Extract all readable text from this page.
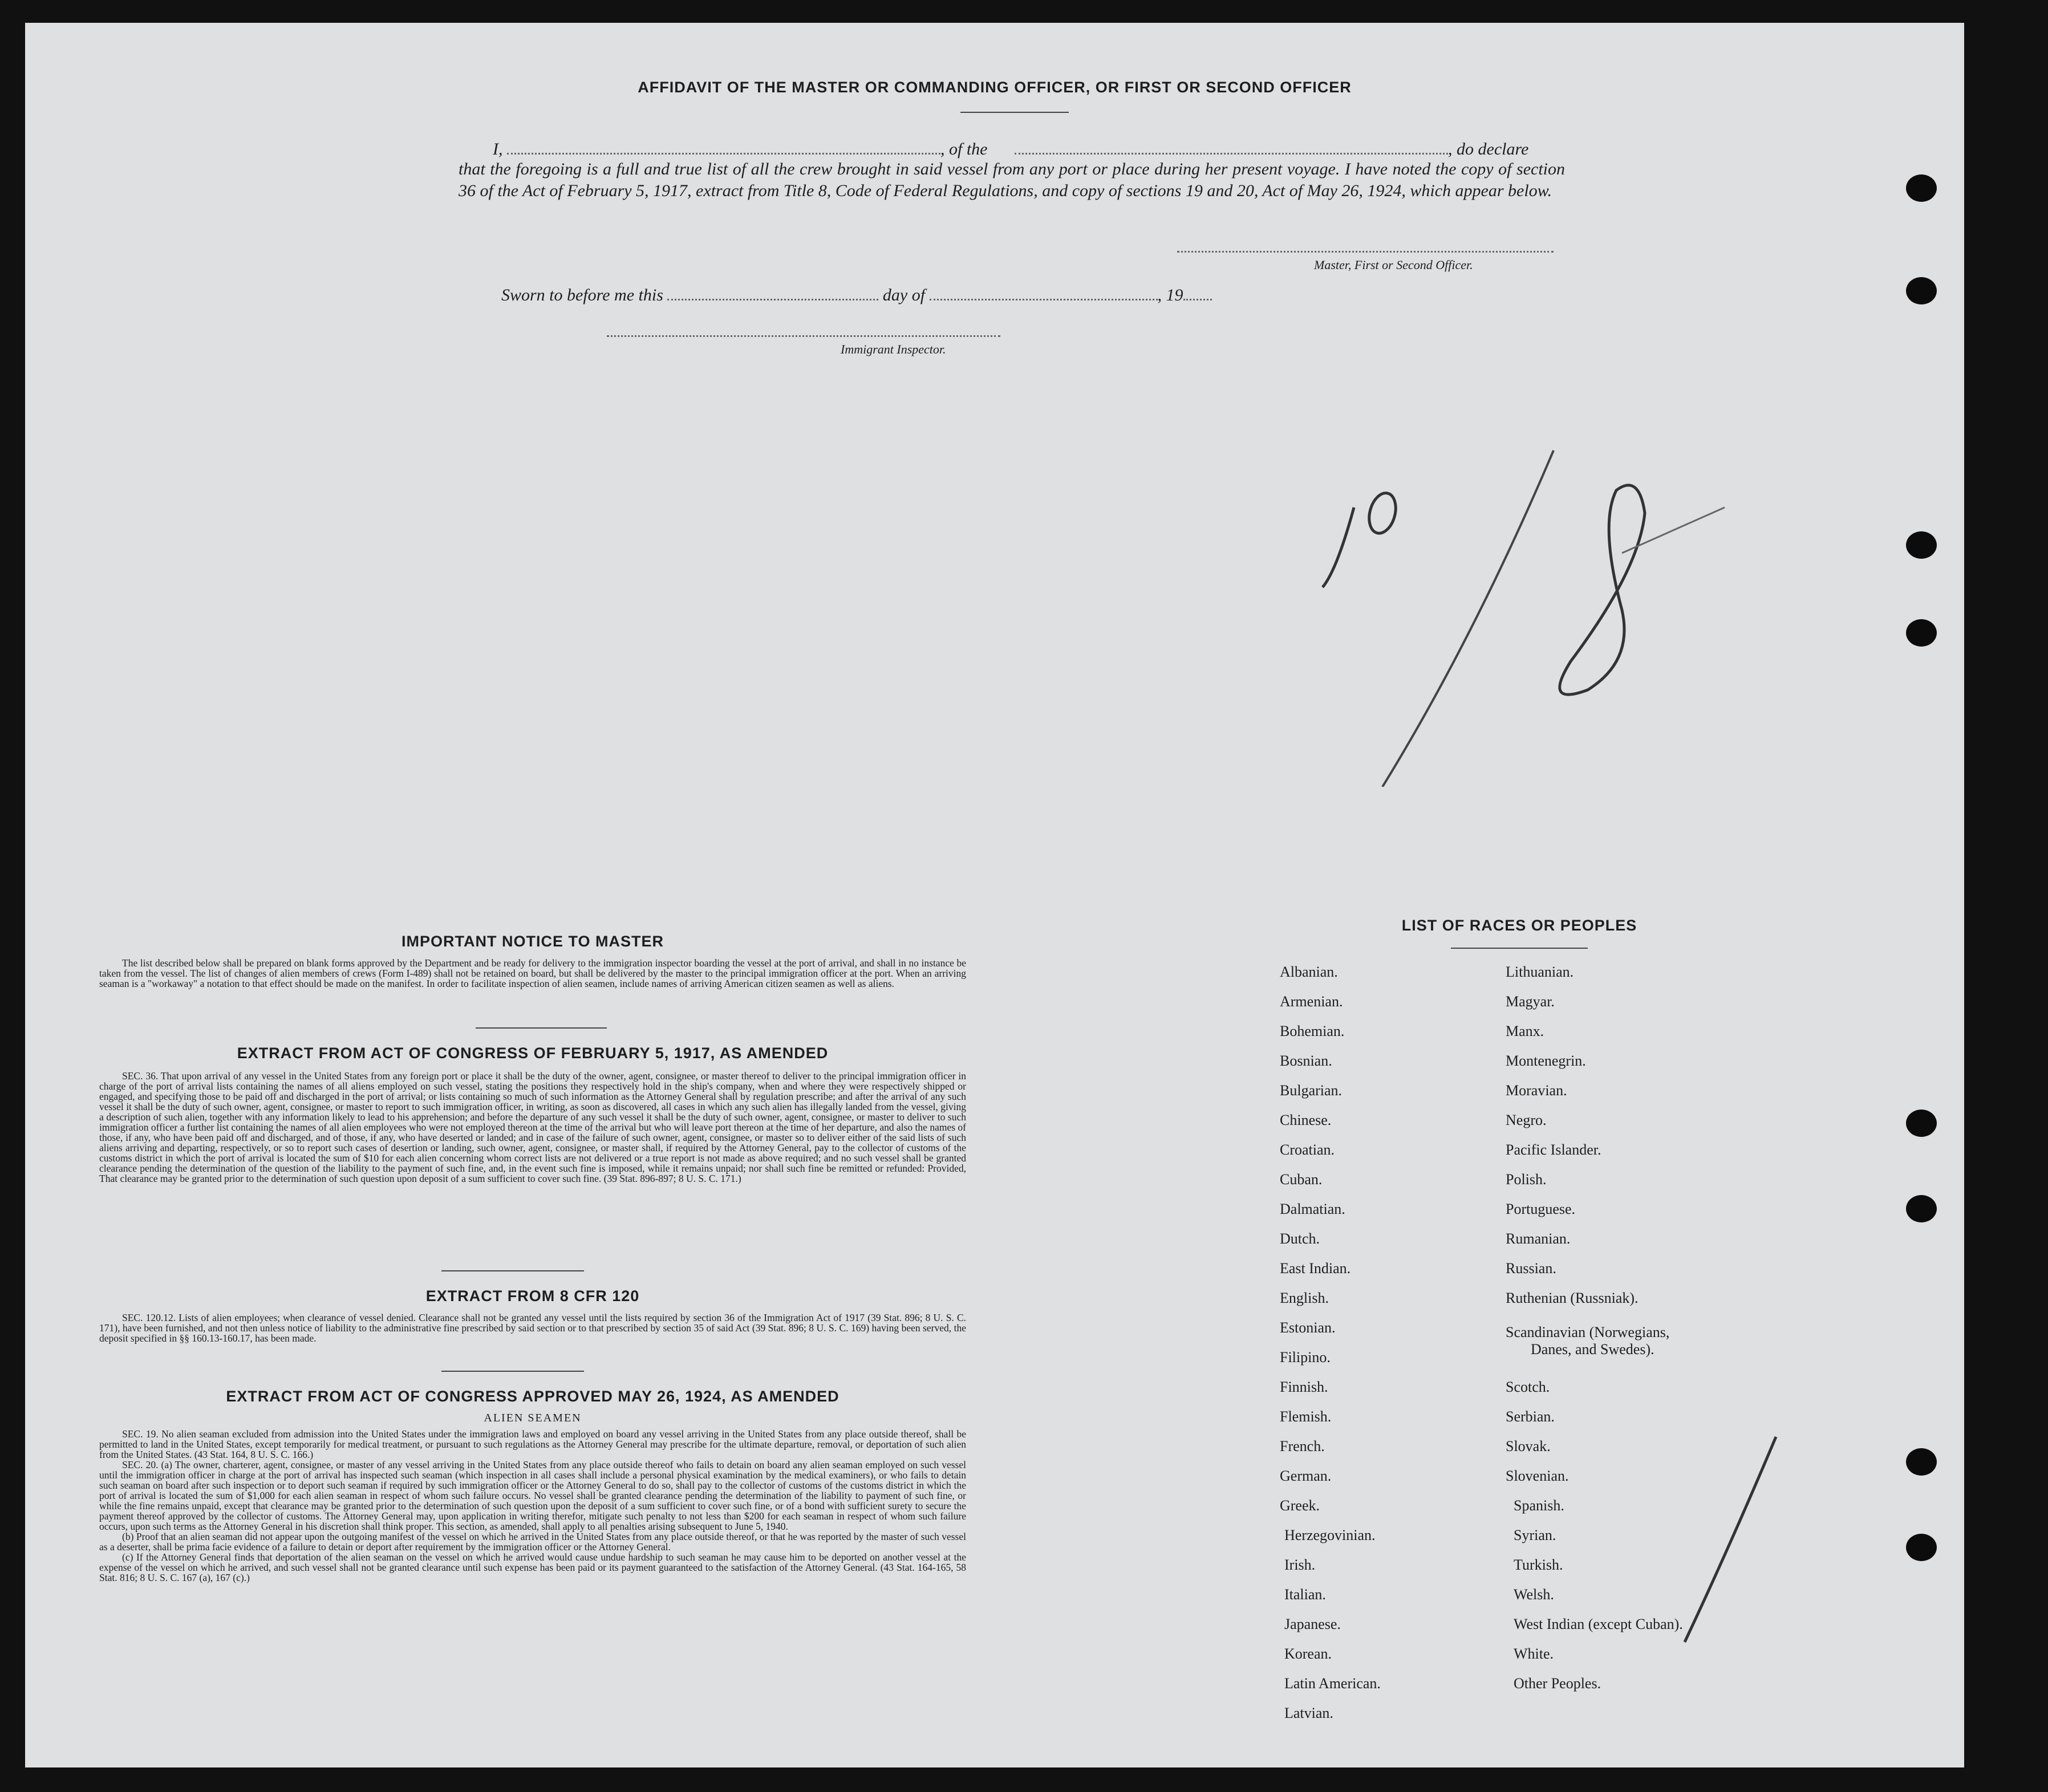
AFFIDAVIT OF THE MASTER OR COMMANDING OFFICER, OR FIRST OR SECOND OFFICER
I,	, of the	, do declare
that the foregoing is a full and true list of all the crew brought in said vessel from any port or place during her present voyage. I have noted the copy of section 36 of the Act of February 5, 1917, extract from Title 8, Code of Federal Regulations, and copy of sections 19 and 20, Act of May 26, 1924, which appear below.
Master, First or Second Officer.
Sworn to before me this	day of	, 19
Immigrant Inspector.
IMPORTANT NOTICE TO MASTER

The list described below shall be prepared on blank forms approved by the Department and be ready for delivery to the immigration inspector boarding the vessel at the port of arrival, and shall in no instance be taken from the vessel. The list of changes of alien members of crews (Form I-489) shall not be retained on board, but shall be delivered by the master to the principal immigration officer at the port. When an arriving seaman is a "workaway" a notation to that effect should be made on the manifest. In order to facilitate inspection of alien seamen, include names of arriving American citizen seamen as well as aliens.

EXTRACT FROM ACT OF CONGRESS OF FEBRUARY 5, 1917, AS AMENDED

SEC. 36. That upon arrival of any vessel in the United States from any foreign port or place it shall be the duty of the owner, agent, consignee, or master thereof to deliver to the principal immigration officer in charge of the port of arrival lists containing the names of all aliens employed on such vessel, stating the positions they respectively hold in the ship's company, when and where they were respectively shipped or engaged, and specifying those to be paid off and discharged in the port of arrival; or lists containing so much of such information as the Attorney General shall by regulation prescribe; and after the arrival of any such vessel it shall be the duty of such owner, agent, consignee, or master to report to such immigration officer, in writing, as soon as discovered, all cases in which any such alien has illegally landed from the vessel, giving a description of such alien, together with any information likely to lead to his apprehension; and before the departure of any such vessel it shall be the duty of such owner, agent, consignee, or master to deliver to such immigration officer a further list containing the names of all alien employees who were not employed thereon at the time of the arrival but who will leave port thereon at the time of her departure, and also the names of those, if any, who have been paid off and discharged, and of those, if any, who have deserted or landed; and in case of the failure of such owner, agent, consignee, or master so to deliver either of the said lists of such aliens arriving and departing, respectively, or so to report such cases of desertion or landing, such owner, agent, consignee, or master shall, if required by the Attorney General, pay to the collector of customs of the customs district in which the port of arrival is located the sum of $10 for each alien concerning whom correct lists are not delivered or a true report is not made as above required; and no such vessel shall be granted clearance pending the determination of the question of the liability to the payment of such fine, and, in the event such fine is imposed, while it remains unpaid; nor shall such fine be remitted or refunded: Provided, That clearance may be granted prior to the determination of such question upon deposit of a sum sufficient to cover such fine. (39 Stat. 896-897; 8 U. S. C. 171.)

EXTRACT FROM 8 CFR 120

SEC. 120.12. Lists of alien employees; when clearance of vessel denied. Clearance shall not be granted any vessel until the lists required by section 36 of the Immigration Act of 1917 (39 Stat. 896; 8 U. S. C. 171), have been furnished, and not then unless notice of liability to the administrative fine prescribed by said section or to that prescribed by section 35 of said Act (39 Stat. 896; 8 U. S. C. 169) having been served, the deposit specified in §§ 160.13-160.17, has been made.

EXTRACT FROM ACT OF CONGRESS APPROVED MAY 26, 1924, AS AMENDED
ALIEN SEAMEN

SEC. 19. No alien seaman excluded from admission into the United States under the immigration laws and employed on board any vessel arriving in the United States from any place outside thereof, shall be permitted to land in the United States, except temporarily for medical treatment, or pursuant to such regulations as the Attorney General may prescribe for the ultimate departure, removal, or deportation of such alien from the United States. (43 Stat. 164, 8 U. S. C. 166.)

SEC. 20. (a) The owner, charterer, agent, consignee, or master of any vessel arriving in the United States from any place outside thereof who fails to detain on board any alien seaman employed on such vessel until the immigration officer in charge at the port of arrival has inspected such seaman (which inspection in all cases shall include a personal physical examination by the medical examiners), or who fails to detain such seaman on board after such inspection or to deport such seaman if required by such immigration officer or the Attorney General to do so, shall pay to the collector of customs of the customs district in which the port of arrival is located the sum of $1,000 for each alien seaman in respect of whom such failure occurs. No vessel shall be granted clearance pending the determination of the liability to payment of such fine, or while the fine remains unpaid, except that clearance may be granted prior to the determination of such question upon the deposit of a sum sufficient to cover such fine, or of a bond with sufficient surety to secure the payment thereof approved by the collector of customs. The Attorney General may, upon application in writing therefor, mitigate such penalty to not less than $200 for each seaman in respect of whom such failure occurs, upon such terms as the Attorney General in his discretion shall think proper. This section, as amended, shall apply to all penalties arising subsequent to June 5, 1940.

(b) Proof that an alien seaman did not appear upon the outgoing manifest of the vessel on which he arrived in the United States from any place outside thereof, or that he was reported by the master of such vessel as a deserter, shall be prima facie evidence of a failure to detain or deport after requirement by the immigration officer or the Attorney General.

(c) If the Attorney General finds that deportation of the alien seaman on the vessel on which he arrived would cause undue hardship to such seaman he may cause him to be deported on another vessel at the expense of the vessel on which he arrived, and such vessel shall not be granted clearance until such expense has been paid or its payment guaranteed to the satisfaction of the Attorney General. (43 Stat. 164-165, 58 Stat. 816; 8 U. S. C. 167 (a), 167 (c).)

LIST OF RACES OR PEOPLES
Albanian.
Armenian.
Bohemian.
Bosnian.
Bulgarian.
Chinese.
Croatian.
Cuban.
Dalmatian.
Dutch.
East Indian.
English.
Estonian.
Filipino.
Finnish.
Flemish.
French.
German.
Greek.
Herzegovinian.
Irish.
Italian.
Japanese.
Korean.
Latin American.
Latvian.
Lithuanian.
Magyar.
Manx.
Montenegrin.
Moravian.
Negro.
Pacific Islander.
Polish.
Portuguese.
Rumanian.
Russian.
Ruthenian (Russniak).
Scandinavian (Norwegians,
Danes, and Swedes).
Scotch.
Serbian.
Slovak.
Slovenian.
Spanish.
Syrian.
Turkish.
Welsh.
West Indian (except Cuban).
White.
Other Peoples.
